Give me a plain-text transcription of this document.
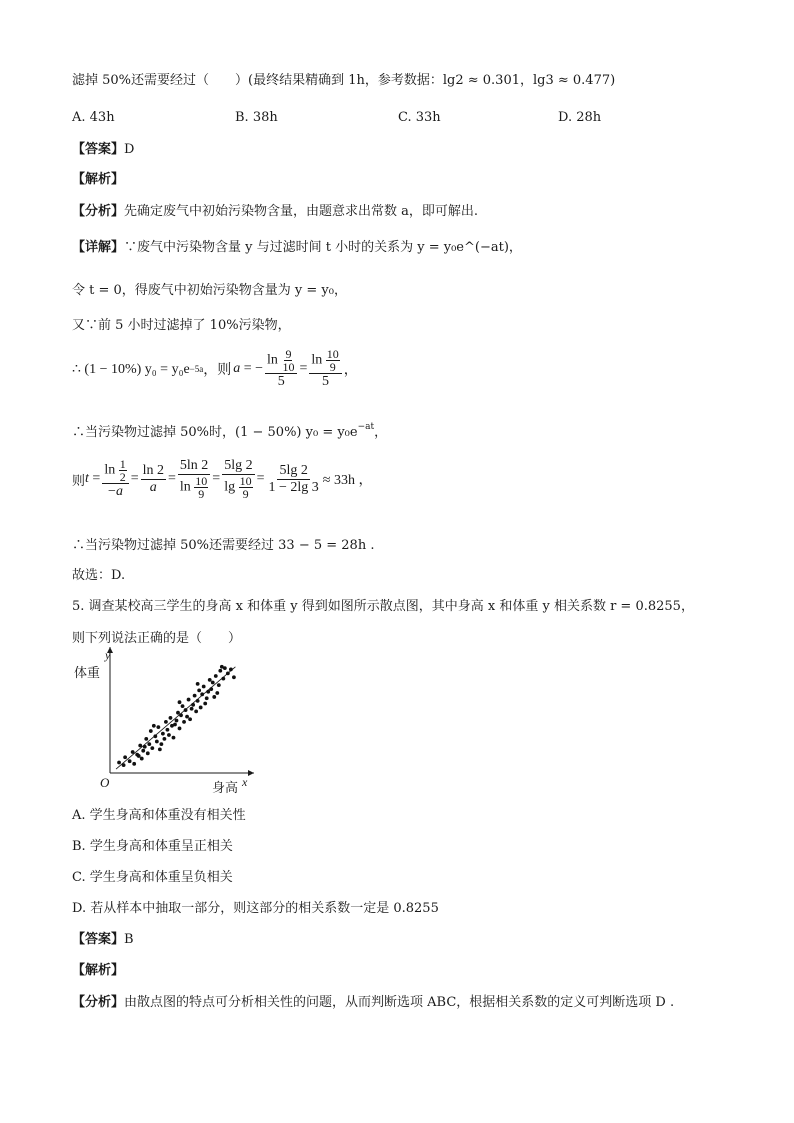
滤掉 50%还需要经过（　　）(最终结果精确到 1h，参考数据：lg2 ≈ 0.301，lg3 ≈ 0.477)
A. 43h	B. 38h	C. 33h	D. 28h
【答案】D
【解析】
【分析】先确定废气中初始污染物含量，由题意求出常数 a，即可解出.
【详解】∵废气中污染物含量 y 与过滤时间 t 小时的关系为 y = y₀e^(−at)，
令 t = 0，得废气中初始污染物含量为 y = y₀，
又∵前 5 小时过滤掉了 10%污染物，
∴ (1 − 10%) y₀ = y₀e −5a ，则 a = − $\frac{\ln \frac{9}{10}}{5} = \frac{\ln \frac{10}{9}}{5}$ ，
∴当污染物过滤掉 50%时，(1 − 50%) $y_0 = y_0e^{-at}$，
则 $t = \frac{\ln \frac{1}{2}}{-a} = \frac{\ln 2}{a} = \frac{5\ln 2}{\ln \frac{10}{9}} = \frac{5\lg 2}{\lg \frac{10}{9}} = \frac{5\lg 2}{1 - 2\lg 3} \approx 33h$ ，
∴当污染物过滤掉 50%还需要经过 33 − 5 = 28h .
故选：D.
5. 调查某校高三学生的身高 x 和体重 y 得到如图所示散点图，其中身高 x 和体重 y 相关系数 r = 0.8255，
则下列说法正确的是（　　）
体重
身高
y
x
O
A. 学生身高和体重没有相关性
B. 学生身高和体重呈正相关
C. 学生身高和体重呈负相关
D. 若从样本中抽取一部分，则这部分的相关系数一定是 0.8255
【答案】B
【解析】
【分析】由散点图的特点可分析相关性的问题，从而判断选项 ABC，根据相关系数的定义可判断选项 D .
